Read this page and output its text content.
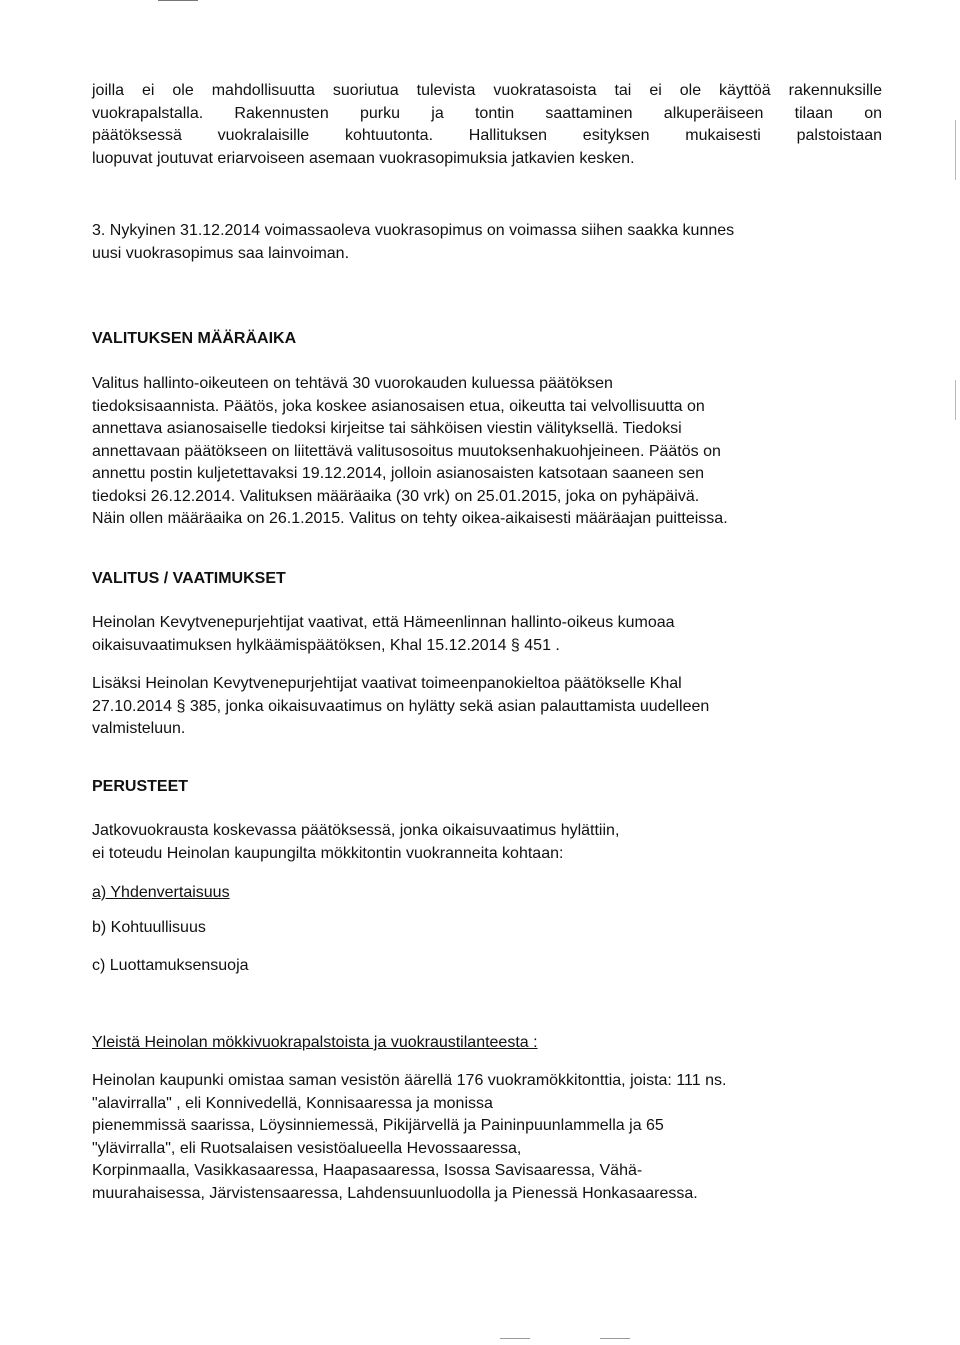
joilla ei ole mahdollisuutta suoriutua tulevista vuokratasoista tai ei ole käyttöä rakennuksille
vuokrapalstalla. Rakennusten purku ja tontin saattaminen alkuperäiseen tilaan on
päätöksessä vuokralaisille kohtuutonta. Hallituksen esityksen mukaisesti palstoistaan
luopuvat joutuvat eriarvoiseen asemaan vuokrasopimuksia jatkavien kesken.
3. Nykyinen 31.12.2014 voimassaoleva vuokrasopimus on voimassa siihen saakka kunnes
uusi vuokrasopimus saa lainvoiman.
VALITUKSEN MÄÄRÄAIKA
Valitus hallinto-oikeuteen on tehtävä 30 vuorokauden kuluessa päätöksen
tiedoksisaannista. Päätös, joka koskee asianosaisen etua, oikeutta tai velvollisuutta on
annettava asianosaiselle tiedoksi kirjeitse tai sähköisen viestin välityksellä. Tiedoksi
annettavaan päätökseen on liitettävä valitusosoitus muutoksenhakuohjeineen. Päätös on
annettu postin kuljetettavaksi 19.12.2014, jolloin asianosaisten katsotaan saaneen sen
tiedoksi 26.12.2014. Valituksen määräaika (30 vrk) on 25.01.2015, joka on pyhäpäivä.
Näin ollen määräaika on 26.1.2015. Valitus on tehty oikea-aikaisesti määräajan puitteissa.
VALITUS / VAATIMUKSET
Heinolan Kevytvenepurjehtijat vaativat, että Hämeenlinnan hallinto-oikeus kumoaa
oikaisuvaatimuksen hylkäämispäätöksen, Khal 15.12.2014 § 451 .
Lisäksi Heinolan Kevytvenepurjehtijat vaativat toimeenpanokieltoa päätökselle Khal
27.10.2014 § 385, jonka oikaisuvaatimus on hylätty sekä asian palauttamista uudelleen
valmisteluun.
PERUSTEET
Jatkovuokrausta koskevassa päätöksessä, jonka oikaisuvaatimus hylättiin,
ei toteudu Heinolan kaupungilta mökkitontin vuokranneita kohtaan:
a) Yhdenvertaisuus
b) Kohtuullisuus
c) Luottamuksensuoja
Yleistä Heinolan mökkivuokrapalstoista ja vuokraustilanteesta :
Heinolan kaupunki omistaa saman vesistön äärellä 176 vuokramökkitonttia, joista: 111 ns.
"alavirralla" , eli Konnivedellä, Konnisaaressa ja monissa
pienemmissä saarissa, Löysinniemessä, Pikijärvellä ja Paininpuunlammella ja 65
"ylävirralla", eli Ruotsalaisen vesistöalueella Hevossaaressa,
Korpinmaalla, Vasikkasaaressa, Haapasaaressa, Isossa Savisaaressa, Vähä-
muurahaisessa, Järvistensaaressa, Lahdensuunluodolla ja Pienessä Honkasaaressa.
